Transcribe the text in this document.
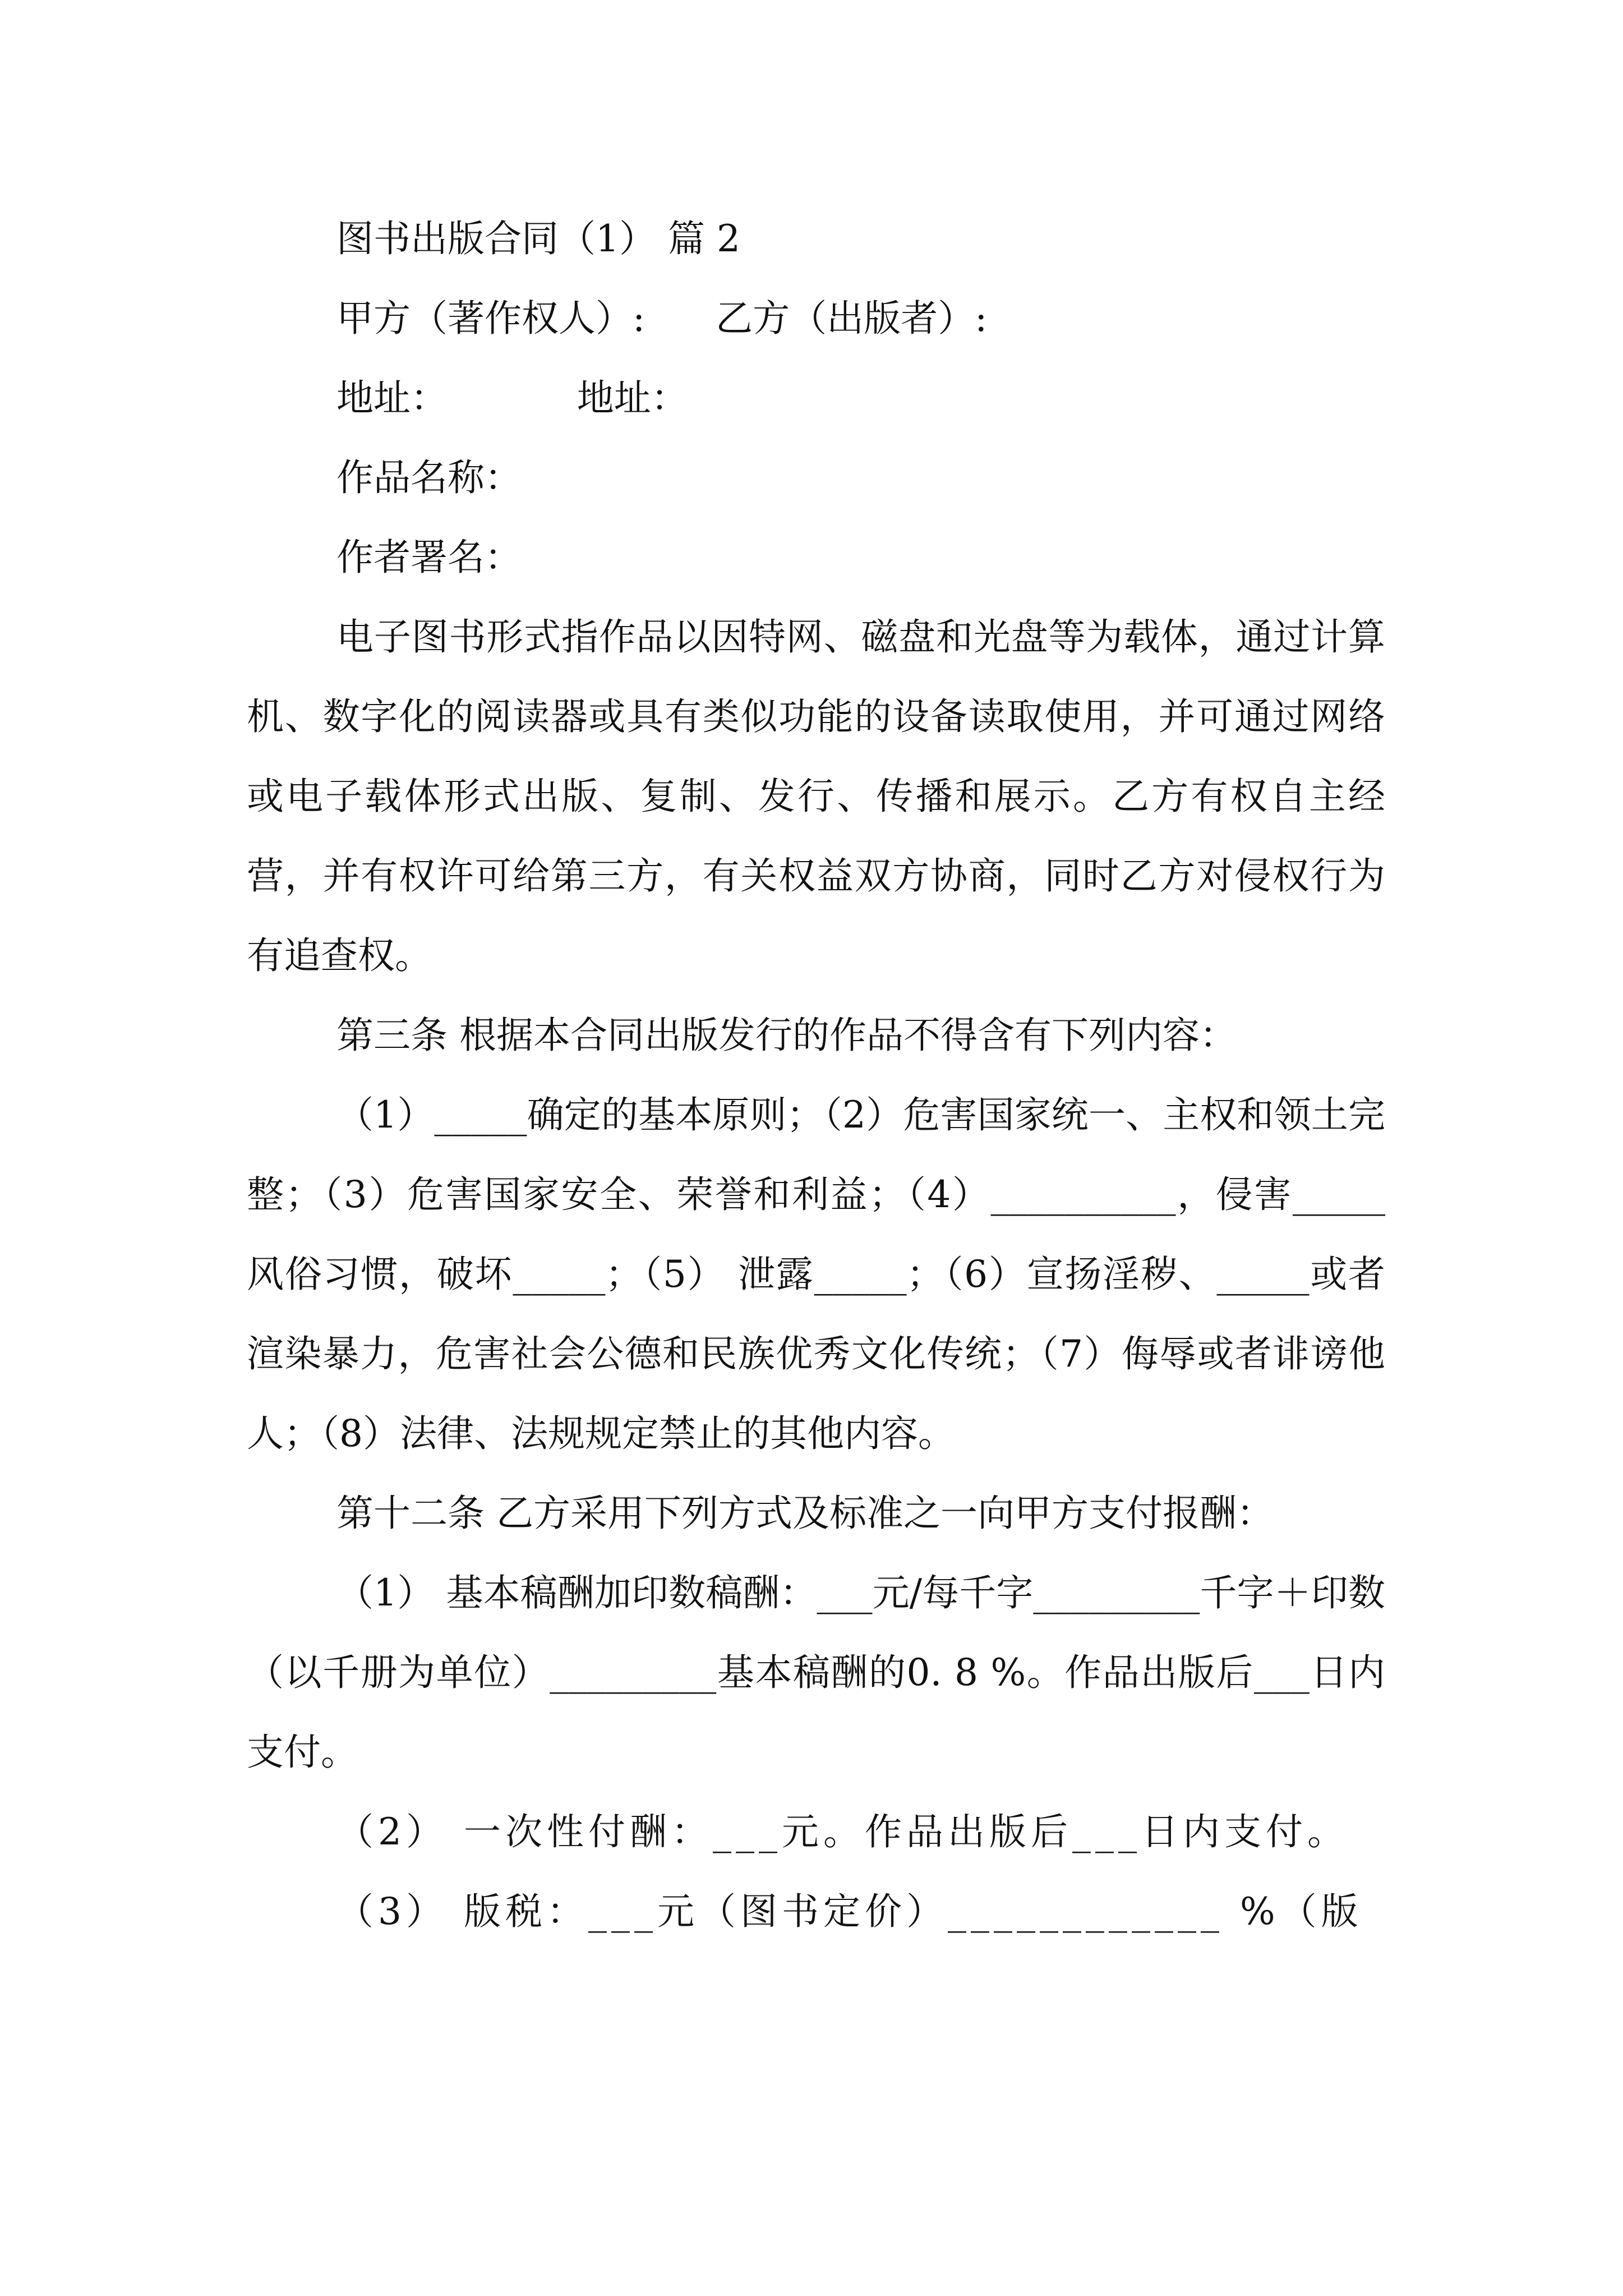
图书出版合同（1） 篇 2

甲方（著作权人）:      乙方（出版者）:

地址：           地址：

作品名称：

作者署名：

电子图书形式指作品以因特网、磁盘和光盘等为载体，通过计算机、数字化的阅读器或具有类似功能的设备读取使用，并可通过网络或电子载体形式出版、复制、发行、传播和展示。乙方有权自主经营，并有权许可给第三方，有关权益双方协商，同时乙方对侵权行为有追查权。

第三条 根据本合同出版发行的作品不得含有下列内容：

（1）_____确定的基本原则；（2）危害国家统一、主权和领土完整；（3）危害国家安全、荣誉和利益；（4）__________，侵害_____风俗习惯，破坏_____；（5） 泄露_____；（6）宣扬淫秽、_____或者渲染暴力，危害社会公德和民族优秀文化传统；（7）侮辱或者诽谤他人；（8）法律、法规规定禁止的其他内容。

第十二条 乙方采用下列方式及标准之一向甲方支付报酬：

（1） 基本稿酬加印数稿酬：___元/每千字_________千字＋印数（以千册为单位）_________基本稿酬的0. 8 %。作品出版后___日内支付。

（2） 一次性付酬：___元。作品出版后___日内支付。

（3） 版税：___元（图书定价）____________ %（版
